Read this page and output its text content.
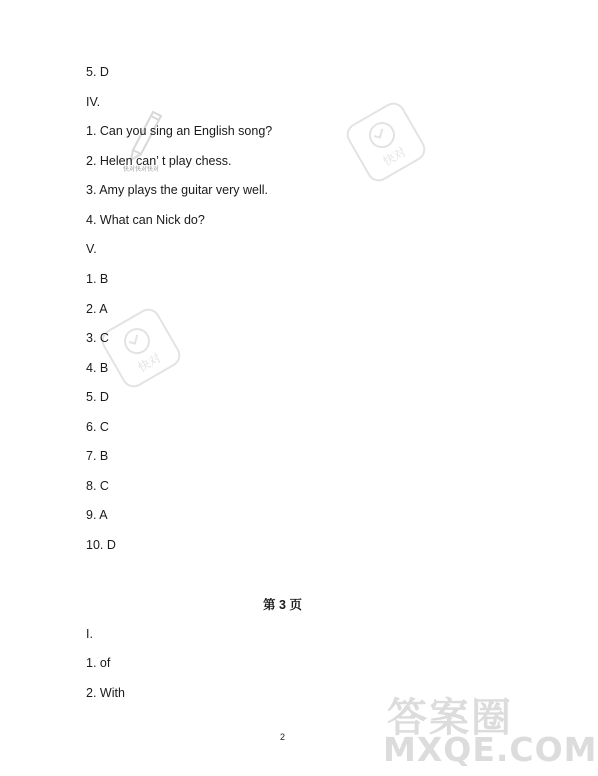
5. D
IV.
1. Can you sing an English song?
2. Helen can’ t play chess.
3. Amy plays the guitar very well.
4. What can Nick do?
V.
1. B
2. A
3. C
4. B
5. D
6. C
7. B
8. C
9. A
10. D
第 3 页
I.
1. of
2. With
2
快对快对快对
快对
快对
答案圈
MXQE.COM
